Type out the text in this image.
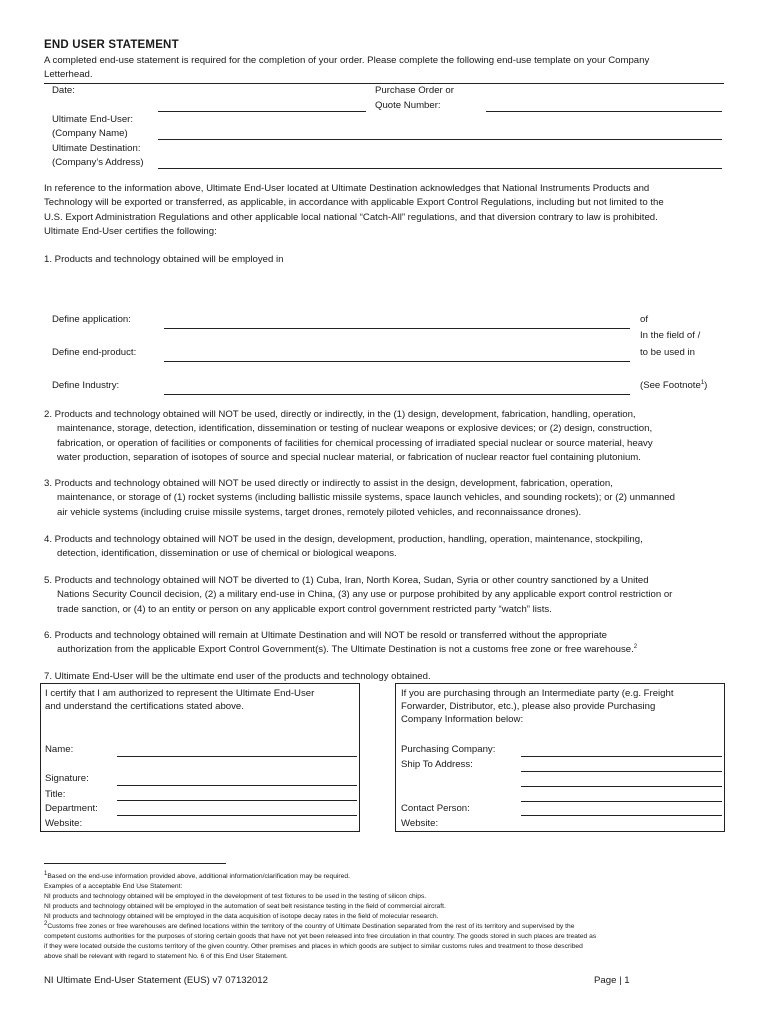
END USER STATEMENT
A completed end-use statement is required for the completion of your order. Please complete the following end-use template on your Company
Letterhead.
Date:	Purchase Order or
Quote Number:
Ultimate End-User:
(Company Name)
Ultimate Destination:
(Company’s Address)
In reference to the information above, Ultimate End-User located at Ultimate Destination acknowledges that National Instruments Products and
Technology will be exported or transferred, as applicable, in accordance with applicable Export Control Regulations, including but not limited to the
U.S. Export Administration Regulations and other applicable local national “Catch-All” regulations, and that diversion contrary to law is prohibited.
Ultimate End-User certifies the following:
1. Products and technology obtained will be employed in
Define application:	of
In the field of /
Define end-product:	to be used in
Define Industry:	(See Footnote$^1$)
2. Products and technology obtained will NOT be used, directly or indirectly, in the (1) design, development, fabrication, handling, operation,
maintenance, storage, detection, identification, dissemination or testing of nuclear weapons or explosive devices; or (2) design, construction,
fabrication, or operation of facilities or components of facilities for chemical processing of irradiated special nuclear or source material, heavy
water production, separation of isotopes of source and special nuclear material, or fabrication of nuclear reactor fuel containing plutonium.
3. Products and technology obtained will NOT be used directly or indirectly to assist in the design, development, fabrication, operation,
maintenance, or storage of (1) rocket systems (including ballistic missile systems, space launch vehicles, and sounding rockets); or (2) unmanned
air vehicle systems (including cruise missile systems, target drones, remotely piloted vehicles, and reconnaissance drones).
4. Products and technology obtained will NOT be used in the design, development, production, handling, operation, maintenance, stockpiling,
detection, identification, dissemination or use of chemical or biological weapons.
5. Products and technology obtained will NOT be diverted to (1) Cuba, Iran, North Korea, Sudan, Syria or other country sanctioned by a United
Nations Security Council decision, (2) a military end-use in China, (3) any use or purpose prohibited by any applicable export control restriction or
trade sanction, or (4) to an entity or person on any applicable export control government restricted party “watch” lists.
6. Products and technology obtained will remain at Ultimate Destination and will NOT be resold or transferred without the appropriate
authorization from the applicable Export Control Government(s). The Ultimate Destination is not a customs free zone or free warehouse.$^2$
7. Ultimate End-User will be the ultimate end user of the products and technology obtained.
I certify that I am authorized to represent the Ultimate End-User
and understand the certifications stated above.
Name:
Signature:
Title:
Department:
Website:
If you are purchasing through an Intermediate party (e.g. Freight
Forwarder, Distributor, etc.), please also provide Purchasing
Company Information below:
Purchasing Company:
Ship To Address:
Contact Person:
Website:
$^1$Based on the end-use information provided above, additional information/clarification may be required.
Examples of a acceptable End Use Statement:
NI products and technology obtained will be employed in the development of test fixtures to be used in the testing of silicon chips.
NI products and technology obtained will be employed in the automation of seat belt resistance testing in the field of commercial aircraft.
NI products and technology obtained will be employed in the data acquisition of isotope decay rates in the field of molecular research.
$^2$Customs free zones or free warehouses are defined locations within the territory of the country of Ultimate Destination separated from the rest of its territory and supervised by the
competent customs authorities for the purposes of storing certain goods that have not yet been released into free circulation in that country. The goods stored in such places are treated as
if they were located outside the customs territory of the given country. Other premises and places in which goods are subject to similar customs rules and treatment to those described
above shall be relevant with regard to statement No. 6 of this End User Statement.
NI Ultimate End-User Statement (EUS) v7 07132012	Page | 1
